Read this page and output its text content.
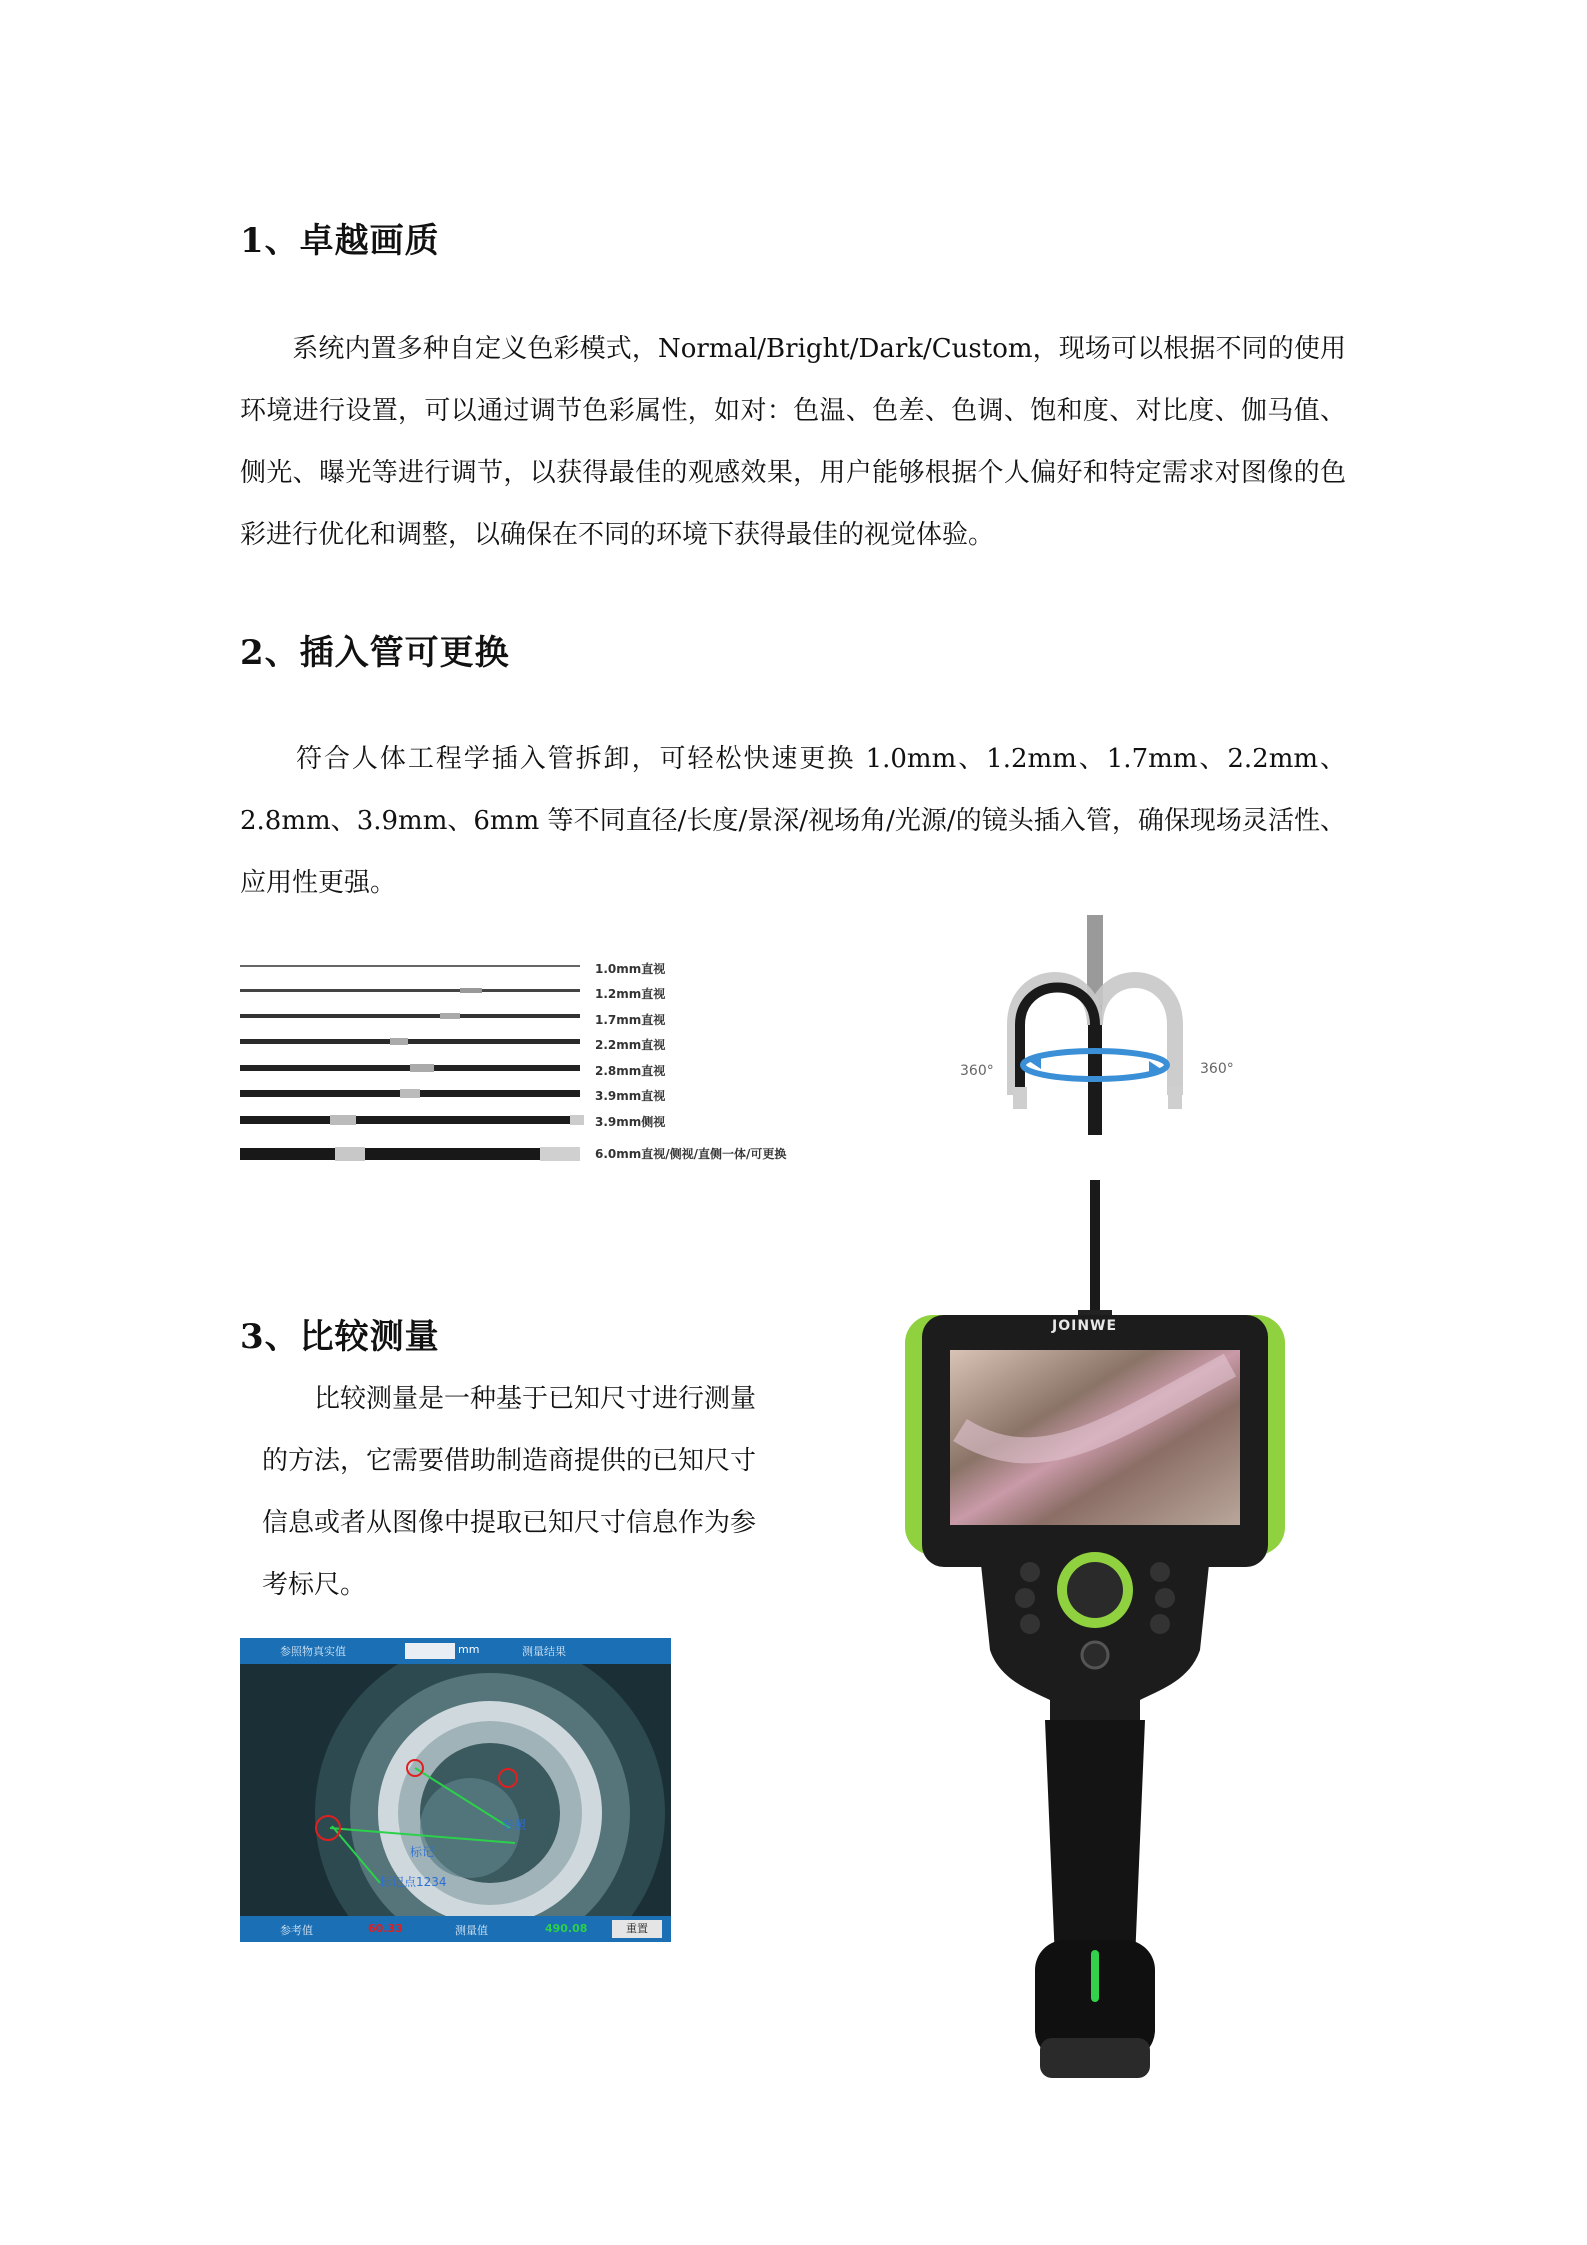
1、卓越画质
　　系统内置多种自定义色彩模式，Normal/Bright/Dark/Custom，现场可以根据不同的使用环境进行设置，可以通过调节色彩属性，如对：色温、色差、色调、饱和度、对比度、伽马值、侧光、曝光等进行调节，以获得最佳的观感效果，用户能够根据个人偏好和特定需求对图像的色彩进行优化和调整，以确保在不同的环境下获得最佳的视觉体验。
2、插入管可更换
　　符合人体工程学插入管拆卸，可轻松快速更换 1.0mm、1.2mm、1.7mm、2.2mm、2.8mm、3.9mm、6mm 等不同直径/长度/景深/视场角/光源/的镜头插入管，确保现场灵活性、应用性更强。
1.0mm直视
1.2mm直视
1.7mm直视
2.2mm直视
2.8mm直视
3.9mm直视
3.9mm侧视
6.0mm直视/侧视/直侧一体/可更换
360°	360°
3、比较测量
　　比较测量是一种基于已知尺寸进行测量的方法，它需要借助制造商提供的已知尺寸信息或者从图像中提取已知尺寸信息作为参考标尺。
参照物真实值	mm	测量结果
标记
标记点1234
参照
参考值	60.33	测量值	490.08	重置
JOINWE
